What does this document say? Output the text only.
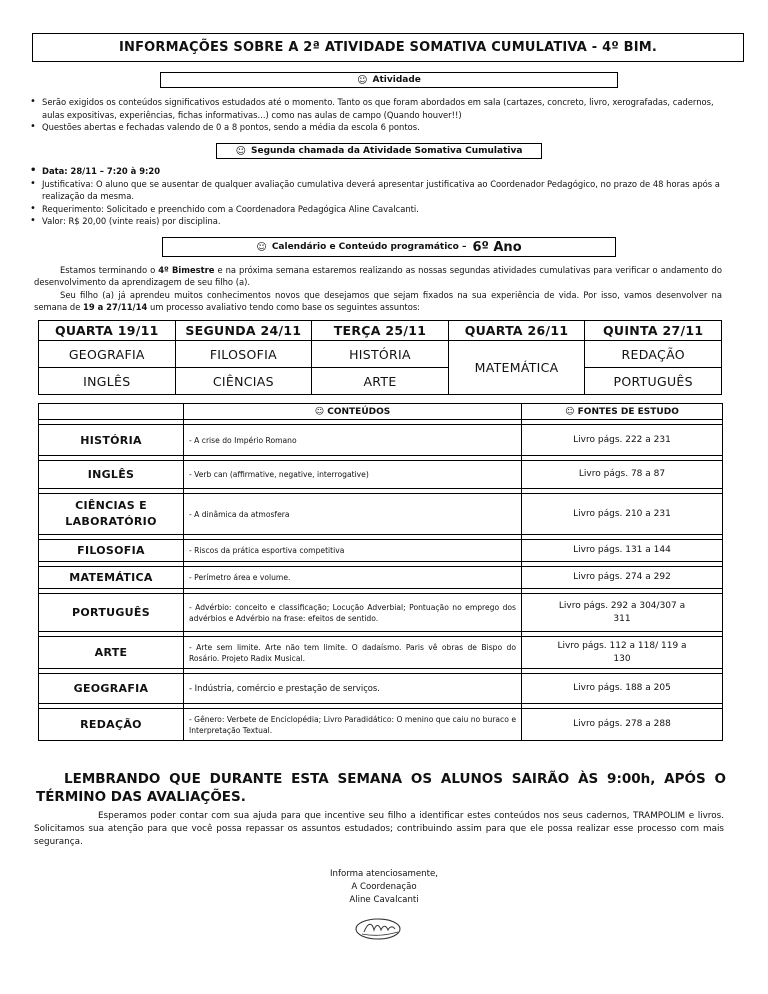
INFORMAÇÕES SOBRE A 2ª ATIVIDADE SOMATIVA CUMULATIVA - 4º BIM.
☺ Atividade
• Serão exigidos os conteúdos significativos estudados até o momento. Tanto os que foram abordados em sala (cartazes, concreto, livro, xerografadas, cadernos, aulas expositivas, experiências, fichas informativas...) como nas aulas de campo (Quando houver!!)
• Questões abertas e fechadas valendo de 0 a 8 pontos, sendo a média da escola 6 pontos.
☺ Segunda chamada da Atividade Somativa Cumulativa
• Data: 28/11 – 7:20 à 9:20
• Justificativa: O aluno que se ausentar de qualquer avaliação cumulativa deverá apresentar justificativa ao Coordenador Pedagógico, no prazo de 48 horas após a realização da mesma.
• Requerimento: Solicitado e preenchido com a Coordenadora Pedagógica Aline Cavalcanti.
• Valor: R$ 20,00 (vinte reais) por disciplina.
☺ Calendário e Conteúdo programático – 6º Ano
Estamos terminando o 4º Bimestre e na próxima semana estaremos realizando as nossas segundas atividades cumulativas para verificar o andamento do desenvolvimento da aprendizagem de seu filho (a).
Seu filho (a) já aprendeu muitos conhecimentos novos que desejamos que sejam fixados na sua experiência de vida. Por isso, vamos desenvolver na semana de 19 a 27/11/14 um processo avaliativo tendo como base os seguintes assuntos:
QUARTA 19/11	SEGUNDA 24/11	TERÇA 25/11	QUARTA 26/11	QUINTA 27/11
GEOGRAFIA	FILOSOFIA	HISTÓRIA	MATEMÁTICA	REDAÇÃO
INGLÊS	CIÊNCIAS	ARTE		PORTUGUÊS
	☺ CONTEÚDOS	☺ FONTES DE ESTUDO

HISTÓRIA	- A crise do Império Romano	Livro págs. 222 a 231

INGLÊS	- Verb can (affirmative, negative, interrogative)	Livro págs. 78 a 87

CIÊNCIAS E LABORATÓRIO	- A dinâmica da atmosfera	Livro págs. 210 a 231

FILOSOFIA	- Riscos da prática esportiva competitiva	Livro págs. 131 a 144

MATEMÁTICA	- Perímetro área e volume.	Livro págs. 274 a 292

PORTUGUÊS	- Advérbio: conceito e classificação; Locução Adverbial; Pontuação no emprego dos advérbios e Advérbio na frase: efeitos de sentido.	Livro págs. 292 a 304/307 a 311

ARTE	- Arte sem limite. Arte não tem limite. O dadaísmo. Paris vê obras de Bispo do Rosário. Projeto Radix Musical.	Livro págs. 112 a 118/ 119 a 130

GEOGRAFIA	- Indústria, comércio e prestação de serviços.	Livro págs. 188 a 205

REDAÇÃO	- Gênero: Verbete de Enciclopédia; Livro Paradidático: O menino que caiu no buraco e Interpretação Textual.	Livro págs. 278 a 288
LEMBRANDO QUE DURANTE ESTA SEMANA OS ALUNOS SAIRÃO ÀS 9:00h, APÓS O TÉRMINO DAS AVALIAÇÕES.
Esperamos poder contar com sua ajuda para que incentive seu filho a identificar estes conteúdos nos seus cadernos, TRAMPOLIM e livros. Solicitamos sua atenção para que você possa repassar os assuntos estudados; contribuindo assim para que ele possa realizar esse processo com mais segurança.
Informa atenciosamente,
A Coordenação
Aline Cavalcanti
